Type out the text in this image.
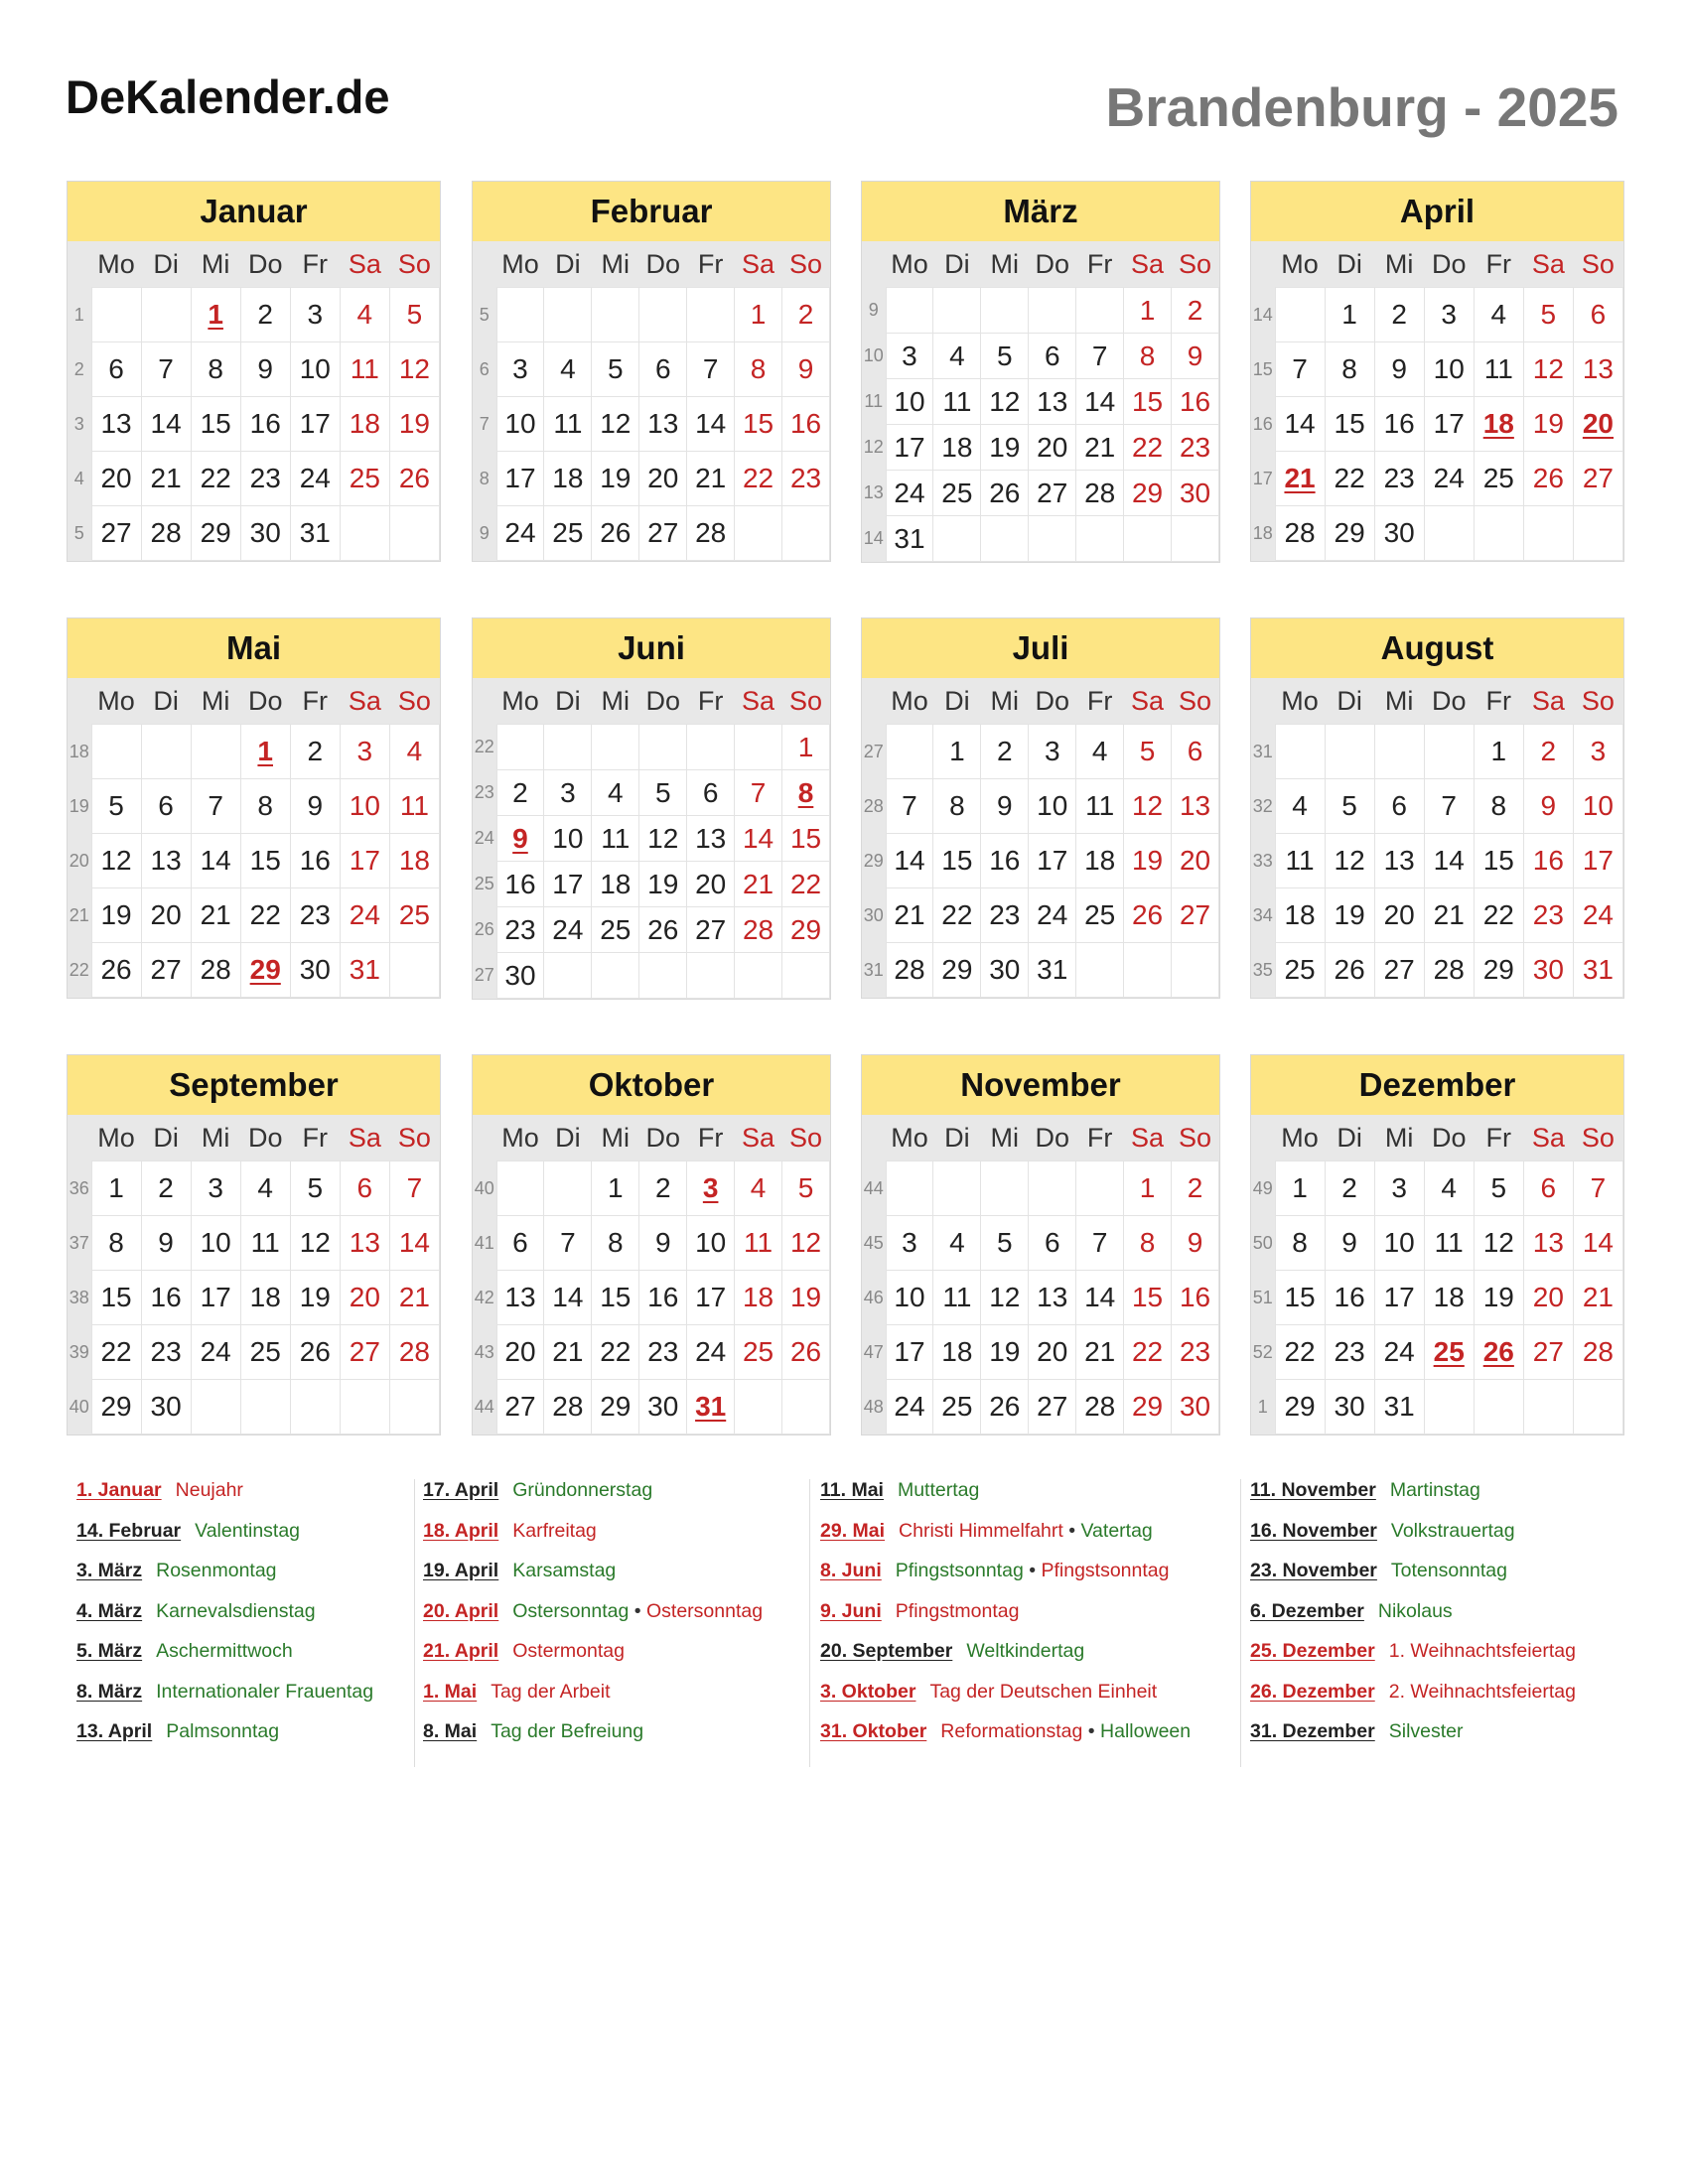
DeKalender.de	Brandenburg - 2025
Januar
	Mo	Di	Mi	Do	Fr	Sa	So
1			1	2	3	4	5
2	6	7	8	9	10	11	12
3	13	14	15	16	17	18	19
4	20	21	22	23	24	25	26
5	27	28	29	30	31		
Februar
	Mo	Di	Mi	Do	Fr	Sa	So
5						1	2
6	3	4	5	6	7	8	9
7	10	11	12	13	14	15	16
8	17	18	19	20	21	22	23
9	24	25	26	27	28		
März
	Mo	Di	Mi	Do	Fr	Sa	So
9						1	2
10	3	4	5	6	7	8	9
11	10	11	12	13	14	15	16
12	17	18	19	20	21	22	23
13	24	25	26	27	28	29	30
14	31						
April
	Mo	Di	Mi	Do	Fr	Sa	So
14		1	2	3	4	5	6
15	7	8	9	10	11	12	13
16	14	15	16	17	18	19	20
17	21	22	23	24	25	26	27
18	28	29	30				
Mai
	Mo	Di	Mi	Do	Fr	Sa	So
18				1	2	3	4
19	5	6	7	8	9	10	11
20	12	13	14	15	16	17	18
21	19	20	21	22	23	24	25
22	26	27	28	29	30	31	
Juni
	Mo	Di	Mi	Do	Fr	Sa	So
22							1
23	2	3	4	5	6	7	8
24	9	10	11	12	13	14	15
25	16	17	18	19	20	21	22
26	23	24	25	26	27	28	29
27	30						
Juli
	Mo	Di	Mi	Do	Fr	Sa	So
27		1	2	3	4	5	6
28	7	8	9	10	11	12	13
29	14	15	16	17	18	19	20
30	21	22	23	24	25	26	27
31	28	29	30	31			
August
	Mo	Di	Mi	Do	Fr	Sa	So
31					1	2	3
32	4	5	6	7	8	9	10
33	11	12	13	14	15	16	17
34	18	19	20	21	22	23	24
35	25	26	27	28	29	30	31
September
	Mo	Di	Mi	Do	Fr	Sa	So
36	1	2	3	4	5	6	7
37	8	9	10	11	12	13	14
38	15	16	17	18	19	20	21
39	22	23	24	25	26	27	28
40	29	30					
Oktober
	Mo	Di	Mi	Do	Fr	Sa	So
40			1	2	3	4	5
41	6	7	8	9	10	11	12
42	13	14	15	16	17	18	19
43	20	21	22	23	24	25	26
44	27	28	29	30	31		
November
	Mo	Di	Mi	Do	Fr	Sa	So
44						1	2
45	3	4	5	6	7	8	9
46	10	11	12	13	14	15	16
47	17	18	19	20	21	22	23
48	24	25	26	27	28	29	30
Dezember
	Mo	Di	Mi	Do	Fr	Sa	So
49	1	2	3	4	5	6	7
50	8	9	10	11	12	13	14
51	15	16	17	18	19	20	21
52	22	23	24	25	26	27	28
1	29	30	31				
1. Januar Neujahr
14. Februar Valentinstag
3. März Rosenmontag
4. März Karnevalsdienstag
5. März Aschermittwoch
8. März Internationaler Frauentag
13. April Palmsonntag
17. April Gründonnerstag
18. April Karfreitag
19. April Karsamstag
20. April Ostersonntag • Ostersonntag
21. April Ostermontag
1. Mai Tag der Arbeit
8. Mai Tag der Befreiung
11. Mai Muttertag
29. Mai Christi Himmelfahrt • Vatertag
8. Juni Pfingstsonntag • Pfingstsonntag
9. Juni Pfingstmontag
20. September Weltkindertag
3. Oktober Tag der Deutschen Einheit
31. Oktober Reformationstag • Halloween
11. November Martinstag
16. November Volkstrauertag
23. November Totensonntag
6. Dezember Nikolaus
25. Dezember 1. Weihnachtsfeiertag
26. Dezember 2. Weihnachtsfeiertag
31. Dezember Silvester
